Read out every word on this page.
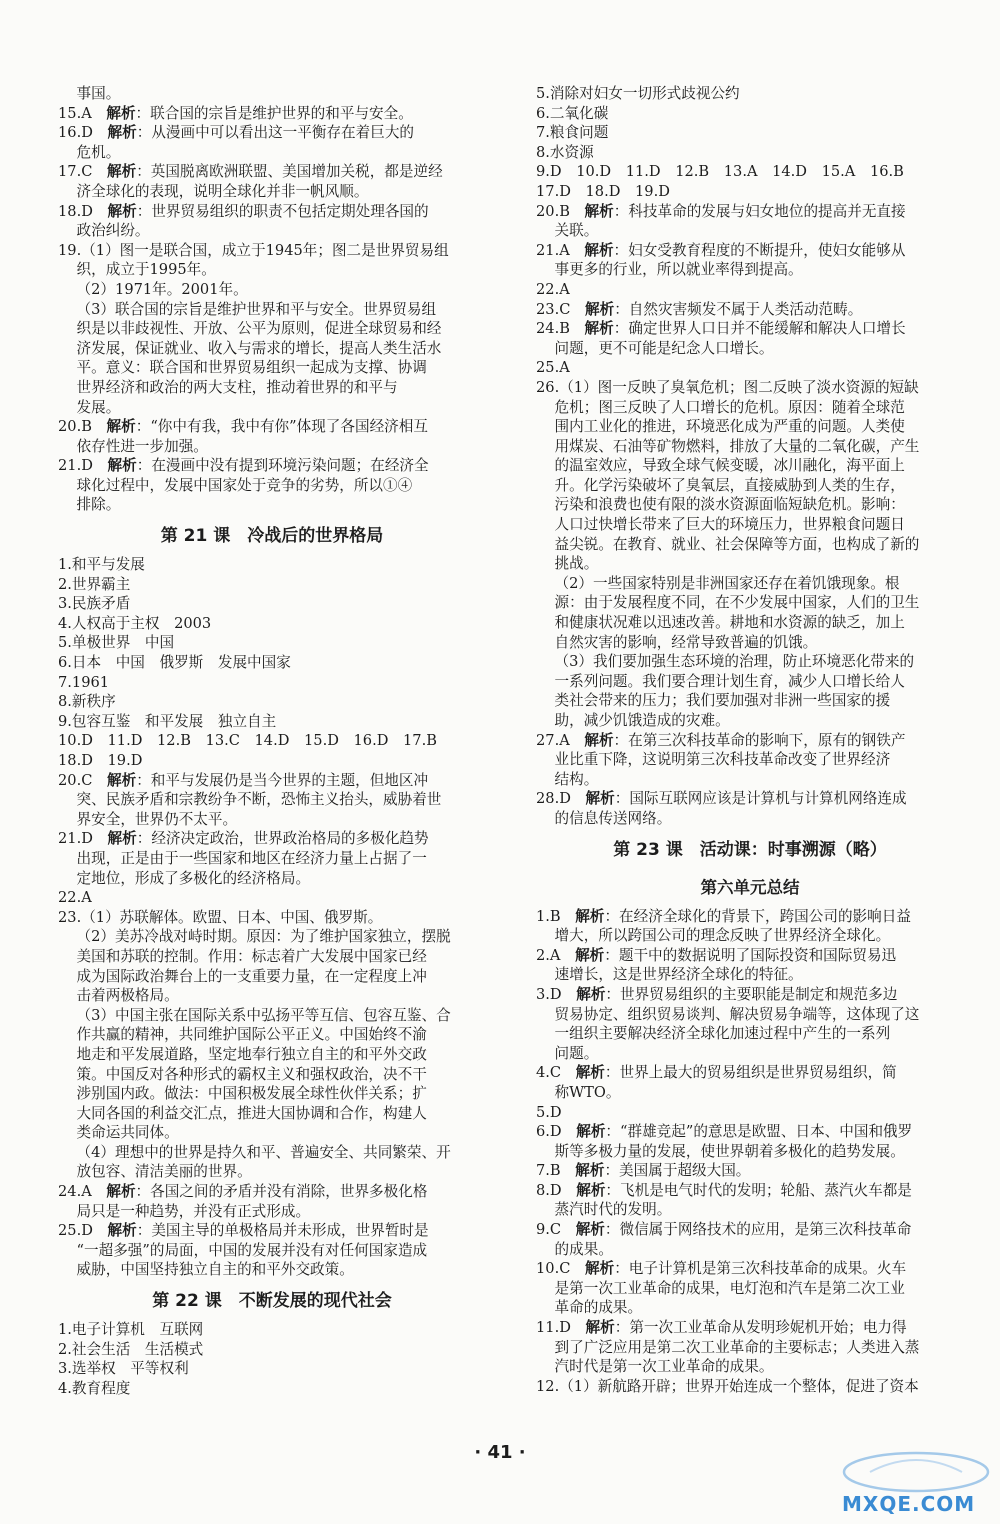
事国。
15.A　解析：联合国的宗旨是维护世界的和平与安全。
16.D　解析：从漫画中可以看出这一平衡存在着巨大的
危机。
17.C　解析：英国脱离欧洲联盟、美国增加关税，都是逆经
济全球化的表现，说明全球化并非一帆风顺。
18.D　解析：世界贸易组织的职责不包括定期处理各国的
政治纠纷。
19.（1）图一是联合国，成立于1945年；图二是世界贸易组
织，成立于1995年。
（2）1971年。2001年。
（3）联合国的宗旨是维护世界和平与安全。世界贸易组
织是以非歧视性、开放、公平为原则，促进全球贸易和经
济发展，保证就业、收入与需求的增长，提高人类生活水
平。意义：联合国和世界贸易组织一起成为支撑、协调
世界经济和政治的两大支柱，推动着世界的和平与
发展。
20.B　解析：“你中有我，我中有你”体现了各国经济相互
依存性进一步加强。
21.D　解析：在漫画中没有提到环境污染问题；在经济全
球化过程中，发展中国家处于竞争的劣势，所以①④
排除。
第 21 课　冷战后的世界格局
1.和平与发展
2.世界霸主
3.民族矛盾
4.人权高于主权　2003
5.单极世界　中国
6.日本　中国　俄罗斯　发展中国家
7.1961
8.新秩序
9.包容互鉴　和平发展　独立自主
10.D　11.D　12.B　13.C　14.D　15.D　16.D　17.B
18.D　19.D
20.C　解析：和平与发展仍是当今世界的主题，但地区冲
突、民族矛盾和宗教纷争不断，恐怖主义抬头，威胁着世
界安全，世界仍不太平。
21.D　解析：经济决定政治，世界政治格局的多极化趋势
出现，正是由于一些国家和地区在经济力量上占据了一
定地位，形成了多极化的经济格局。
22.A
23.（1）苏联解体。欧盟、日本、中国、俄罗斯。
（2）美苏冷战对峙时期。原因：为了维护国家独立，摆脱
美国和苏联的控制。作用：标志着广大发展中国家已经
成为国际政治舞台上的一支重要力量，在一定程度上冲
击着两极格局。
（3）中国主张在国际关系中弘扬平等互信、包容互鉴、合
作共赢的精神，共同维护国际公平正义。中国始终不渝
地走和平发展道路，坚定地奉行独立自主的和平外交政
策。中国反对各种形式的霸权主义和强权政治，决不干
涉别国内政。做法：中国积极发展全球性伙伴关系；扩
大同各国的利益交汇点，推进大国协调和合作，构建人
类命运共同体。
（4）理想中的世界是持久和平、普遍安全、共同繁荣、开
放包容、清洁美丽的世界。
24.A　解析：各国之间的矛盾并没有消除，世界多极化格
局只是一种趋势，并没有正式形成。
25.D　解析：美国主导的单极格局并未形成，世界暂时是
“一超多强”的局面，中国的发展并没有对任何国家造成
威胁，中国坚持独立自主的和平外交政策。
第 22 课　不断发展的现代社会
1.电子计算机　互联网
2.社会生活　生活模式
3.选举权　平等权利
4.教育程度
5.消除对妇女一切形式歧视公约
6.二氧化碳
7.粮食问题
8.水资源
9.D　10.D　11.D　12.B　13.A　14.D　15.A　16.B
17.D　18.D　19.D
20.B　解析：科技革命的发展与妇女地位的提高并无直接
关联。
21.A　解析：妇女受教育程度的不断提升，使妇女能够从
事更多的行业，所以就业率得到提高。
22.A
23.C　解析：自然灾害频发不属于人类活动范畴。
24.B　解析：确定世界人口日并不能缓解和解决人口增长
问题，更不可能是纪念人口增长。
25.A
26.（1）图一反映了臭氧危机；图二反映了淡水资源的短缺
危机；图三反映了人口增长的危机。原因：随着全球范
围内工业化的推进，环境恶化成为严重的问题。人类使
用煤炭、石油等矿物燃料，排放了大量的二氧化碳，产生
的温室效应，导致全球气候变暖，冰川融化，海平面上
升。化学污染破坏了臭氧层，直接威胁到人类的生存，
污染和浪费也使有限的淡水资源面临短缺危机。影响：
人口过快增长带来了巨大的环境压力，世界粮食问题日
益尖锐。在教育、就业、社会保障等方面，也构成了新的
挑战。
（2）一些国家特别是非洲国家还存在着饥饿现象。根
源：由于发展程度不同，在不少发展中国家，人们的卫生
和健康状况难以迅速改善。耕地和水资源的缺乏，加上
自然灾害的影响，经常导致普遍的饥饿。
（3）我们要加强生态环境的治理，防止环境恶化带来的
一系列问题。我们要合理计划生育，减少人口增长给人
类社会带来的压力；我们要加强对非洲一些国家的援
助，减少饥饿造成的灾难。
27.A　解析：在第三次科技革命的影响下，原有的钢铁产
业比重下降，这说明第三次科技革命改变了世界经济
结构。
28.D　解析：国际互联网应该是计算机与计算机网络连成
的信息传送网络。
第 23 课　活动课：时事溯源（略）
第六单元总结
1.B　解析：在经济全球化的背景下，跨国公司的影响日益
增大，所以跨国公司的理念反映了世界经济全球化。
2.A　解析：题干中的数据说明了国际投资和国际贸易迅
速增长，这是世界经济全球化的特征。
3.D　解析：世界贸易组织的主要职能是制定和规范多边
贸易协定、组织贸易谈判、解决贸易争端等，这体现了这
一组织主要解决经济全球化加速过程中产生的一系列
问题。
4.C　解析：世界上最大的贸易组织是世界贸易组织，简
称WTO。
5.D
6.D　解析：“群雄竞起”的意思是欧盟、日本、中国和俄罗
斯等多极力量的发展，使世界朝着多极化的趋势发展。
7.B　解析：美国属于超级大国。
8.D　解析：飞机是电气时代的发明；轮船、蒸汽火车都是
蒸汽时代的发明。
9.C　解析：微信属于网络技术的应用，是第三次科技革命
的成果。
10.C　解析：电子计算机是第三次科技革命的成果。火车
是第一次工业革命的成果，电灯泡和汽车是第二次工业
革命的成果。
11.D　解析：第一次工业革命从发明珍妮机开始；电力得
到了广泛应用是第二次工业革命的主要标志；人类进入蒸
汽时代是第一次工业革命的成果。
12.（1）新航路开辟；世界开始连成一个整体，促进了资本
· 41 ·
MXQE.COM
